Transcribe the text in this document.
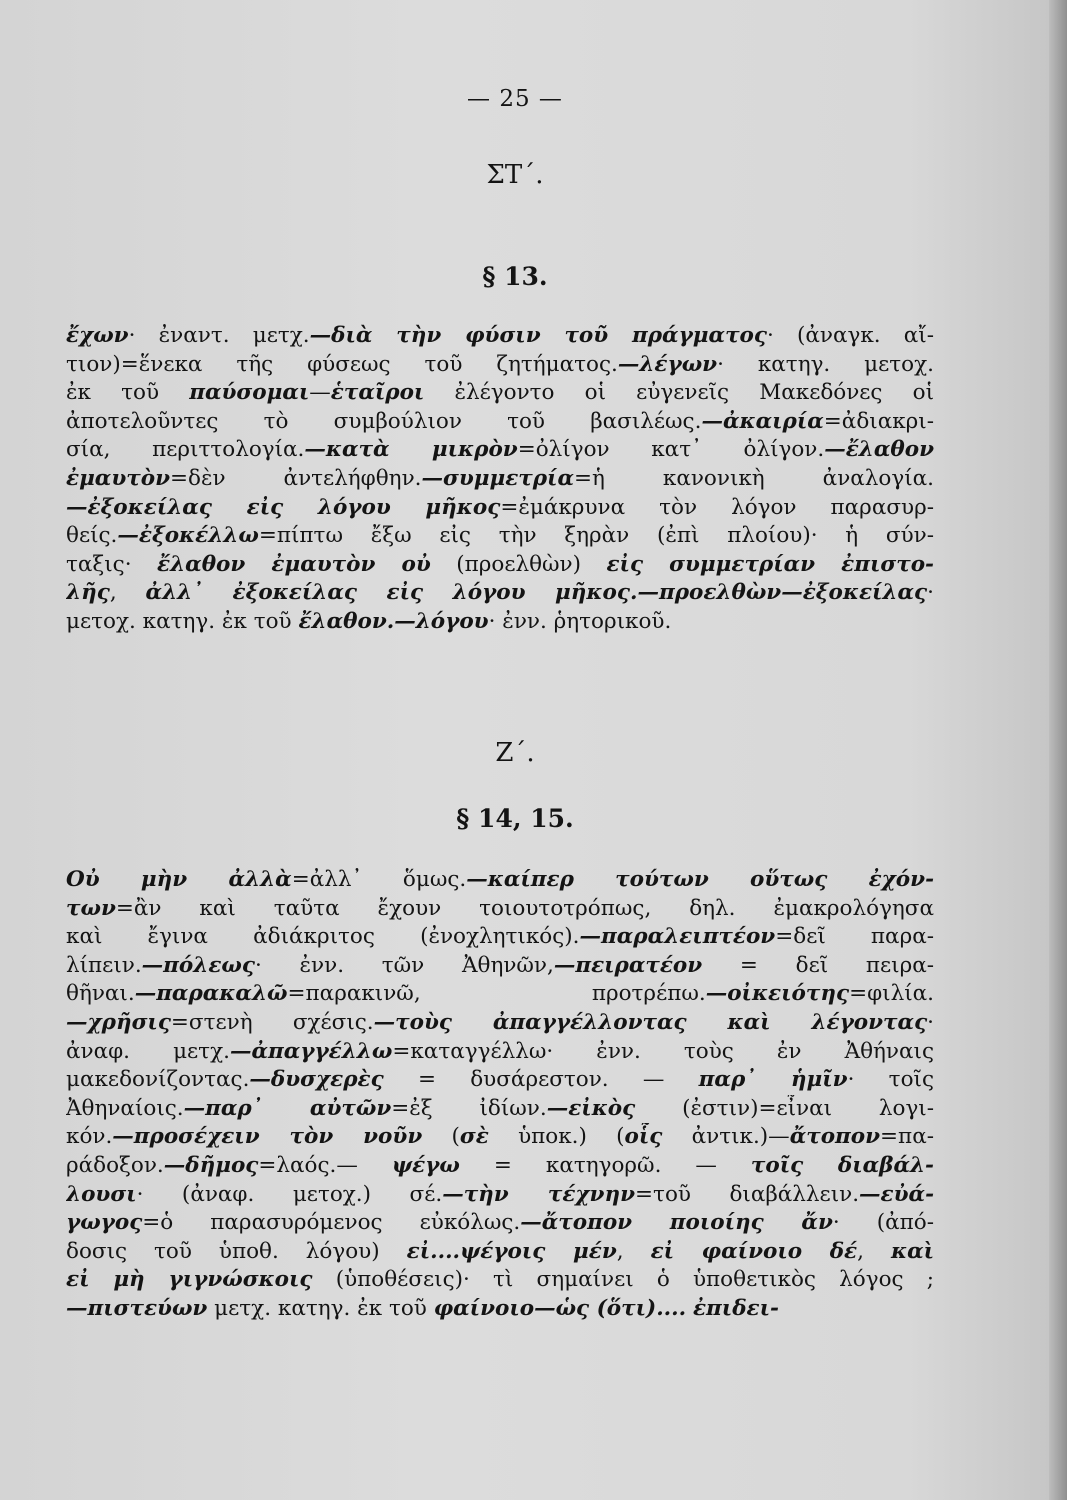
— 25 —
ΣΤ΄.
§ 13.
ἔχων· ἐναντ. μετχ.—διὰ τὴν φύσιν τοῦ πράγματος· (ἀναγκ. αἴ-
τιον)=ἕνεκα τῆς φύσεως τοῦ ζητήματος.—λέγων· κατηγ. μετοχ.
ἐκ τοῦ παύσομαι—ἑταῖροι ἐλέγοντο οἱ εὐγενεῖς Μακεδόνες οἱ
ἀποτελοῦντες τὸ συμβούλιον τοῦ βασιλέως.—ἀκαιρία=ἀδιακρι-
σία, περιττολογία.—κατὰ μικρὸν=ὀλίγον κατ᾽ ὀλίγον.—ἔλαθον
ἐμαυτὸν=δὲν ἀντελήφθην.—συμμετρία=ἡ κανονικὴ ἀναλογία.
—ἐξοκείλας εἰς λόγου μῆκος=ἐμάκρυνα τὸν λόγον παρασυρ-
θείς.—ἐξοκέλλω=πίπτω ἔξω εἰς τὴν ξηρὰν (ἐπὶ πλοίου)· ἡ σύν-
ταξις· ἔλαθον ἐμαυτὸν οὐ (προελθὼν) εἰς συμμετρίαν ἐπιστο-
λῆς, ἀλλ᾽ ἐξοκείλας εἰς λόγου μῆκος.—προελθὼν—ἐξοκείλας·
μετοχ. κατηγ. ἐκ τοῦ ἔλαθον.—λόγου· ἐνν. ῥητορικοῦ.
Ζ΄.
§ 14, 15.
Οὐ μὴν ἀλλὰ=ἀλλ᾽ ὅμως.—καίπερ τούτων οὕτως ἐχόν-
των=ἂν καὶ ταῦτα ἔχουν τοιουτοτρόπως, δηλ. ἐμακρολόγησα
καὶ ἔγινα ἀδιάκριτος (ἐνοχλητικός).—παραλειπτέον=δεῖ παρα-
λίπειν.—πόλεως· ἐνν. τῶν Ἀθηνῶν,—πειρατέον = δεῖ πειρα-
θῆναι.—παρακαλῶ=παρακινῶ, προτρέπω.—οἰκειότης=φιλία.
—χρῆσις=στενὴ σχέσις.—τοὺς ἀπαγγέλλοντας καὶ λέγοντας·
ἀναφ. μετχ.—ἀπαγγέλλω=καταγγέλλω· ἐνν. τοὺς ἐν Ἀθήναις
μακεδονίζοντας.—δυσχερὲς = δυσάρεστον. — παρ᾽ ἡμῖν· τοῖς
Ἀθηναίοις.—παρ᾽ αὐτῶν=ἐξ ἰδίων.—εἰκὸς (ἐστιν)=εἶναι λογι-
κόν.—προσέχειν τὸν νοῦν (σὲ ὑποκ.) (οἷς ἀντικ.)—ἄτοπον=πα-
ράδοξον.—δῆμος=λαός.— ψέγω = κατηγορῶ. — τοῖς διαβάλ-
λουσι· (ἀναφ. μετοχ.) σέ.—τὴν τέχνην=τοῦ διαβάλλειν.—εὐά-
γωγος=ὁ παρασυρόμενος εὐκόλως.—ἄτοπον ποιοίης ἄν· (ἀπό-
δοσις τοῦ ὑποθ. λόγου) εἰ....ψέγοις μέν, εἰ φαίνοιο δέ, καὶ
εἰ μὴ γιγνώσκοις (ὑποθέσεις)· τὶ σημαίνει ὁ ὑποθετικὸς λόγος ;
—πιστεύων μετχ. κατηγ. ἐκ τοῦ φαίνοιο—ὡς (ὅτι).... ἐπιδει-
